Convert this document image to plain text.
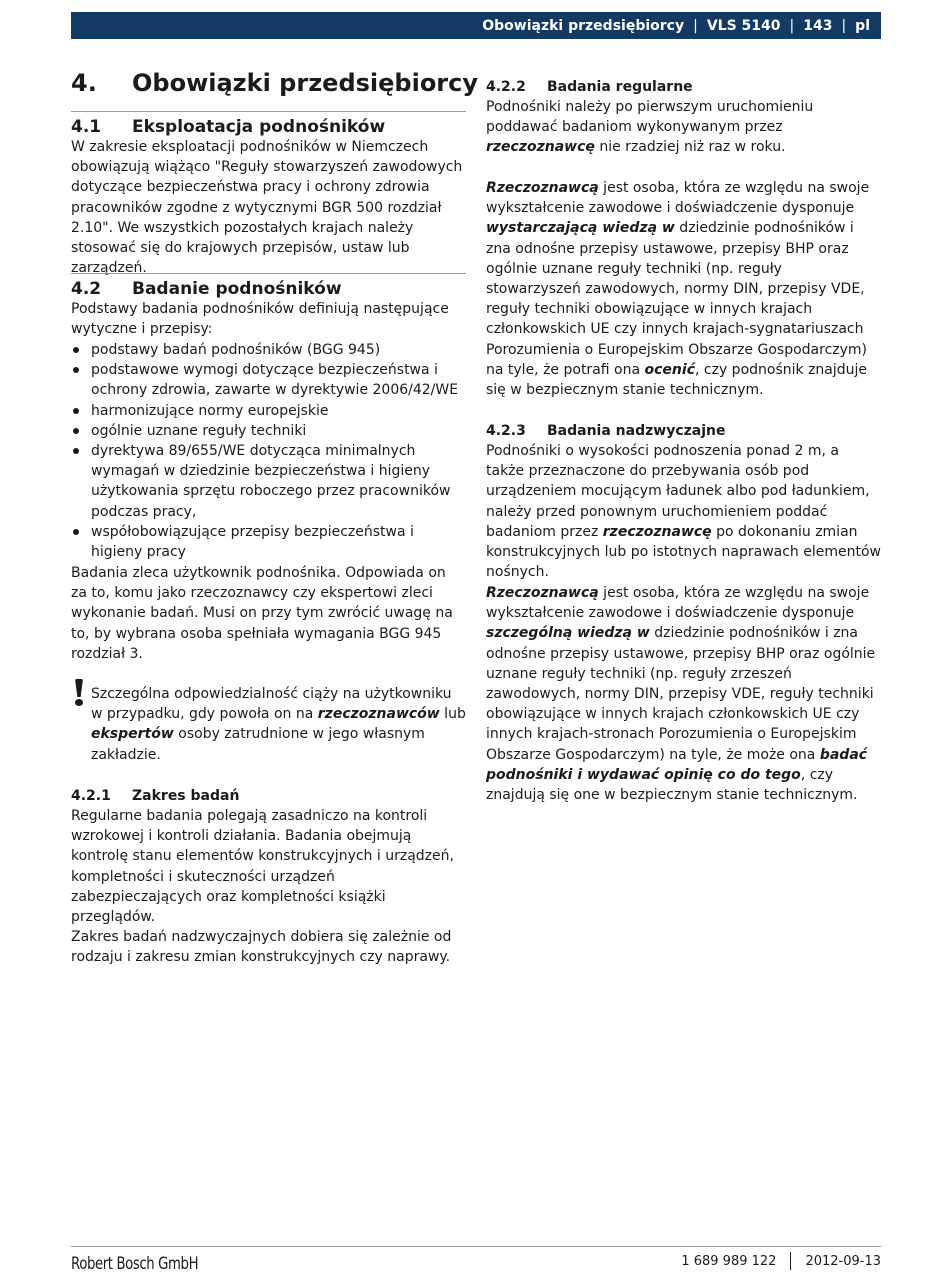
Obowiązki przedsiębiorcy | VLS 5140 | 143 | pl
4. Obowiązki przedsiębiorcy
4.1 Eksploatacja podnośników

W zakresie eksploatacji podnośników w Niemczech obowiązują wiążąco "Reguły stowarzyszeń zawodowych dotyczące bezpieczeństwa pracy i ochrony zdrowia pracowników zgodne z wytycznymi BGR 500 rozdział 2.10". We wszystkich pozostałych krajach należy stosować się do krajowych przepisów, ustaw lub zarządzeń.

4.2 Badanie podnośników

Podstawy badania podnośników definiują następujące wytyczne i przepisy:

podstawy badań podnośników (BGG 945)
podstawowe wymogi dotyczące bezpieczeństwa i ochrony zdrowia, zawarte w dyrektywie 2006/42/WE
harmonizujące normy europejskie
ogólnie uznane reguły techniki
dyrektywa 89/655/WE dotycząca minimalnych wymagań w dziedzinie bezpieczeństwa i higieny użytkowania sprzętu roboczego przez pracowników podczas pracy,
współobowiązujące przepisy bezpieczeństwa i higieny pracy

Badania zleca użytkownik podnośnika. Odpowiada on za to, komu jako rzeczoznawcy czy ekspertowi zleci wykonanie badań. Musi on przy tym zwrócić uwagę na to, by wybrana osoba spełniała wymagania BGG 945 rozdział 3.

Szczególna odpowiedzialność ciąży na użytkowniku w przypadku, gdy powoła on na rzeczoznawców lub ekspertów osoby zatrudnione w jego własnym zakładzie.

4.2.1 Zakres badań

Regularne badania polegają zasadniczo na kontroli wzrokowej i kontroli działania. Badania obejmują kontrolę stanu elementów konstrukcyjnych i urządzeń, kompletności i skuteczności urządzeń zabezpieczających oraz kompletności książki przeglądów.

Zakres badań nadzwyczajnych dobiera się zależnie od rodzaju i zakresu zmian konstrukcyjnych czy naprawy.

4.2.2 Badania regularne

Podnośniki należy po pierwszym uruchomieniu poddawać badaniom wykonywanym przez rzeczoznawcę nie rzadziej niż raz w roku.

Rzeczoznawcą jest osoba, która ze względu na swoje wykształcenie zawodowe i doświadczenie dysponuje wystarczającą wiedzą w dziedzinie podnośników i zna odnośne przepisy ustawowe, przepisy BHP oraz ogólnie uznane reguły techniki (np. reguły stowarzyszeń zawodowych, normy DIN, przepisy VDE, reguły techniki obowiązujące w innych krajach członkowskich UE czy innych krajach-sygnatariuszach Porozumienia o Europejskim Obszarze Gospodarczym) na tyle, że potrafi ona ocenić, czy podnośnik znajduje się w bezpiecznym stanie technicznym.

4.2.3 Badania nadzwyczajne

Podnośniki o wysokości podnoszenia ponad 2 m, a także przeznaczone do przebywania osób pod urządzeniem mocującym ładunek albo pod ładunkiem, należy przed ponownym uruchomieniem poddać badaniom przez rzeczoznawcę po dokonaniu zmian konstrukcyjnych lub po istotnych naprawach elementów nośnych.

Rzeczoznawcą jest osoba, która ze względu na swoje wykształcenie zawodowe i doświadczenie dysponuje szczególną wiedzą w dziedzinie podnośników i zna odnośne przepisy ustawowe, przepisy BHP oraz ogólnie uznane reguły techniki (np. reguły zrzeszeń zawodowych, normy DIN, przepisy VDE, reguły techniki obowiązujące w innych krajach członkowskich UE czy innych krajach-stronach Porozumienia o Europejskim Obszarze Gospodarczym) na tyle, że może ona badać podnośniki i wydawać opinię co do tego, czy znajdują się one w bezpiecznym stanie technicznym.

Robert Bosch GmbH	1 689 989 122 2012-09-13
